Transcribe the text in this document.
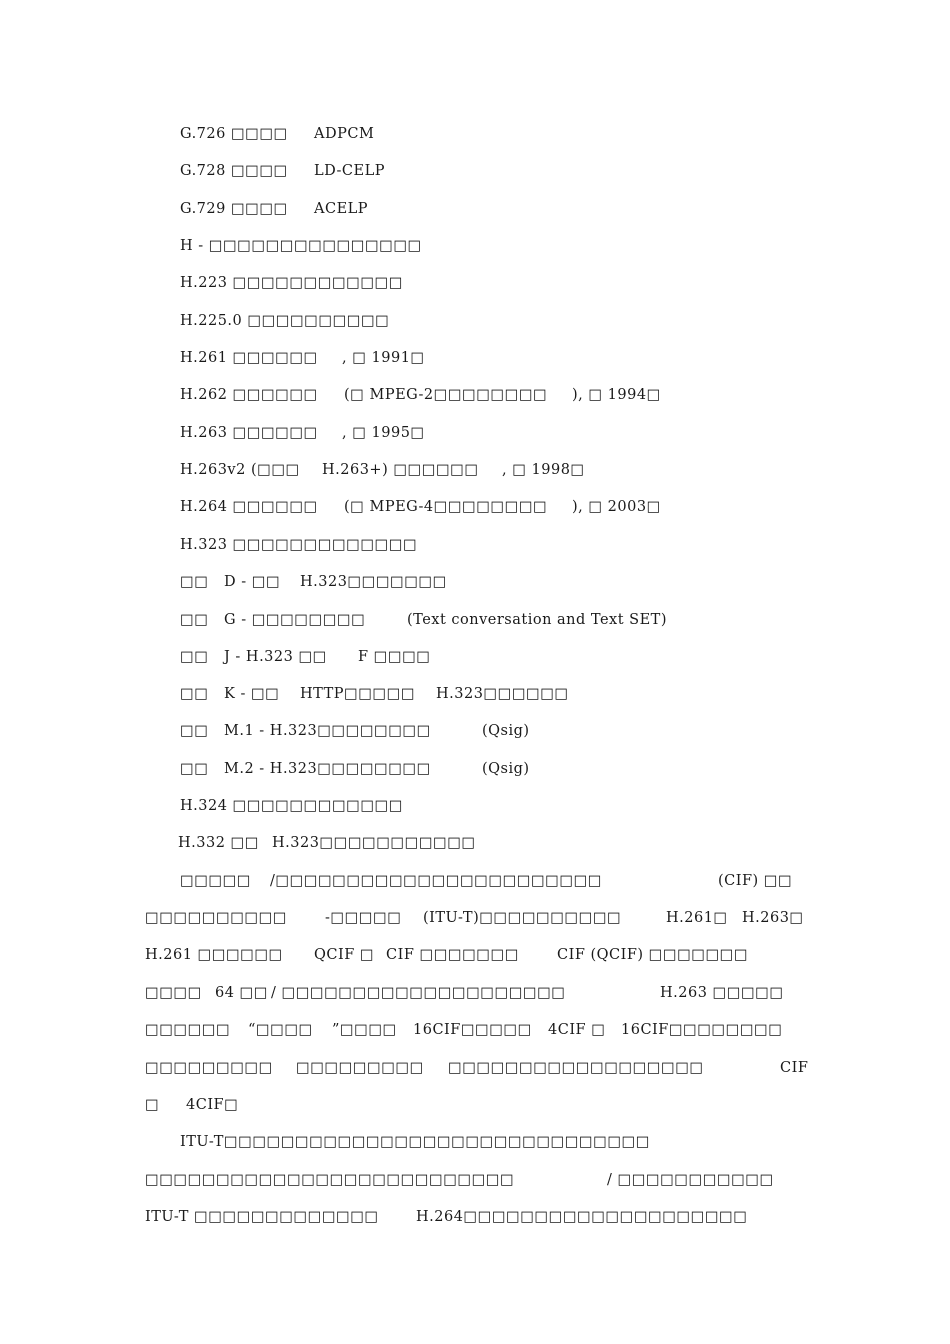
G.726 □□□□ ADPCM
G.728 □□□□ LD-CELP
G.729 □□□□ ACELP
H - □□□□□□□□□□□□□□□
H.223 □□□□□□□□□□□□
H.225.0 □□□□□□□□□□
H.261 □□□□□□ , □ 1991□
H.262 □□□□□□ (□ MPEG-2□□□□□□□□ ), □ 1994□
H.263 □□□□□□ , □ 1995□
H.263v2 (□□□ H.263+) □□□□□□ , □ 1998□
H.264 □□□□□□ (□ MPEG-4□□□□□□□□ ), □ 2003□
H.323 □□□□□□□□□□□□□
□□ D - □□ H.323□□□□□□□
□□ G - □□□□□□□□	(Text conversation and Text SET)
□□ J - H.323 □□ F □□□□
□□ K - □□ HTTP□□□□□ H.323□□□□□□
□□ M.1 - H.323□□□□□□□□	(Qsig)
□□ M.2 - H.323□□□□□□□□	(Qsig)
H.324 □□□□□□□□□□□□
H.332 □□ H.323□□□□□□□□□□□
□□□□□ /□□□□□□□□□□□□□□□□□□□□□□□	(CIF) □□
□□□□□□□□□□	-□□□□□ (ITU-T)□□□□□□□□□□	H.261□ H.263□
H.261 □□□□□□ QCIF □ CIF □□□□□□□	CIF (QCIF) □□□□□□□
□□□□ 64 □□ / □□□□□□□□□□□□□□□□□□□□	H.263 □□□□□
□□□□□□ “□□□□ ”□□□□ 16CIF□□□□□ 4CIF □ 16CIF□□□□□□□□
□□□□□□□□□ □□□□□□□□□ □□□□□□□□□□□□□□□□□□	CIF
□ 4CIF□
ITU-T□□□□□□□□□□□□□□□□□□□□□□□□□□□□□□
□□□□□□□□□□□□□□□□□□□□□□□□□□	/ □□□□□□□□□□□
ITU-T □□□□□□□□□□□□□	H.264□□□□□□□□□□□□□□□□□□□□
